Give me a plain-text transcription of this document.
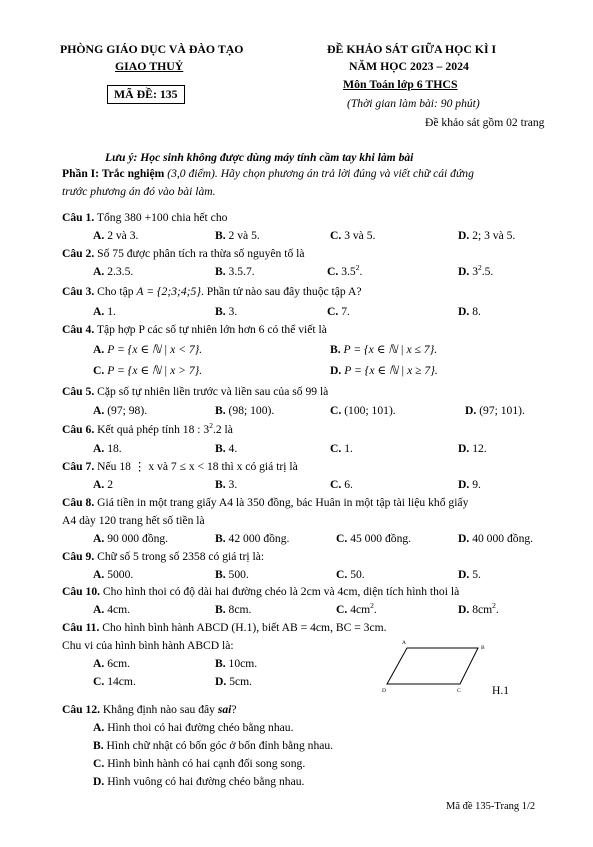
PHÒNG GIÁO DỤC VÀ ĐÀO TẠO
GIAO THUỶ
MÃ ĐỀ: 135
ĐỀ KHẢO SÁT GIỮA HỌC KÌ I
NĂM HỌC 2023 – 2024
Môn Toán lớp 6 THCS
(Thời gian làm bài: 90 phút)
Đề khảo sát gồm 02 trang
Lưu ý: Học sinh không được dùng máy tính cầm tay khi làm bài
Phần I: Trắc nghiệm (3,0 điểm). Hãy chọn phương án trả lời đúng và viết chữ cái đứng
trước phương án đó vào bài làm.
Câu 1. Tổng 380 +100 chia hết cho
A. 2 và 3.	B. 2 và 5.	C. 3 và 5.	D. 2; 3 và 5.
Câu 2. Số 75 được phân tích ra thừa số nguyên tố là
A. 2.3.5.	B. 3.5.7.	C. $3.5^2$.	D. $3^2.5$.
Câu 3. Cho tập A = {2;3;4;5}. Phần tử nào sau đây thuộc tập A?
A. 1.	B. 3.	C. 7.	D. 8.
Câu 4. Tập hợp P các số tự nhiên lớn hơn 6 có thể viết là
A. P = {x ∈ ℕ | x < 7}.	B. P = {x ∈ ℕ | x ≤ 7}.
C. P = {x ∈ ℕ | x > 7}.	D. P = {x ∈ ℕ | x ≥ 7}.
Câu 5. Cặp số tự nhiên liền trước và liền sau của số 99 là
A. (97; 98).	B. (98; 100).	C. (100; 101).	D. (97; 101).
Câu 6. Kết quả phép tính 18 : $3^2.2$ là
A. 18.	B. 4.	C. 1.	D. 12.
Câu 7. Nếu 18 ⋮ x và 7 ≤ x < 18 thì x có giá trị là
A. 2	B. 3.	C. 6.	D. 9.
Câu 8. Giá tiền in một trang giấy A4 là 350 đồng, bác Huân in một tập tài liệu khổ giấy
A4 dày 120 trang hết số tiền là
A. 90 000 đồng.	B. 42 000 đồng.	C. 45 000 đồng.	D. 40 000 đồng.
Câu 9. Chữ số 5 trong số 2358 có giá trị là:
A. 5000.	B. 500.	C. 50.	D. 5.
Câu 10. Cho hình thoi có độ dài hai đường chéo là 2cm và 4cm, diện tích hình thoi là
A. 4cm.	B. 8cm.	C. $4cm^2$.	D. $8cm^2$.
Câu 11. Cho hình bình hành ABCD (H.1), biết AB = 4cm, BC = 3cm.
Chu vi của hình bình hành ABCD là:
A. 6cm.	B. 10cm.
C. 14cm.	D. 5cm.
A
B
C
D	H.1
Câu 12. Khẳng định nào sau đây sai?
A. Hình thoi có hai đường chéo bằng nhau.
B. Hình chữ nhật có bốn góc ở bốn đỉnh bằng nhau.
C. Hình bình hành có hai cạnh đối song song.
D. Hình vuông có hai đường chéo bằng nhau.
Mã đề 135-Trang 1/2
